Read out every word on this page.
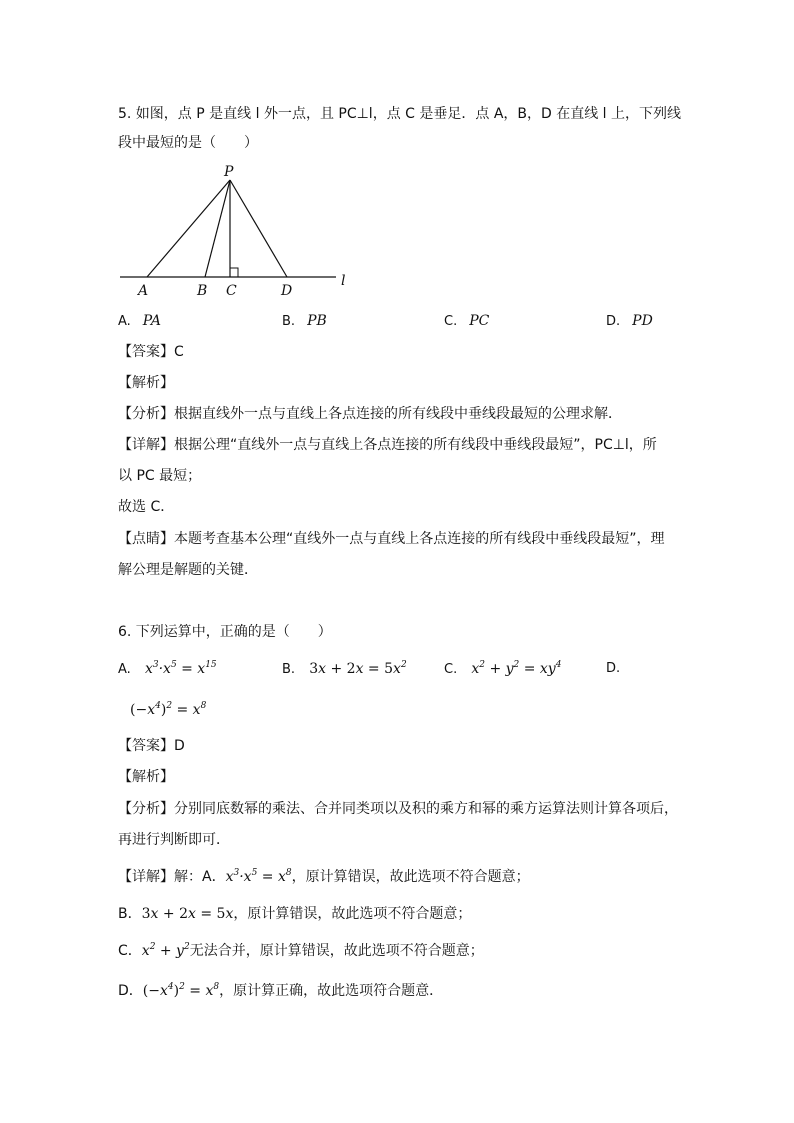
5. 如图，点 P 是直线 l 外一点，且 PC⊥l，点 C 是垂足．点 A，B，D 在直线 l 上，下列线
段中最短的是（　　）
P
A	B C	D
l
A. PA	B. PB	C. PC	D. PD
【答案】C
【解析】
【分析】根据直线外一点与直线上各点连接的所有线段中垂线段最短的公理求解．
【详解】根据公理“直线外一点与直线上各点连接的所有线段中垂线段最短”，PC⊥l，所
以 PC 最短；
故选 C．
【点睛】本题考查基本公理“直线外一点与直线上各点连接的所有线段中垂线段最短”，理
解公理是解题的关键．
6. 下列运算中，正确的是（　　）
A. $x^3\cdot x^5 = x^{15}$	B. $3x + 2x = 5x^2$	C. $x^2 + y^2 = xy^4$	D.
$(-x^4)^2 = x^8$
【答案】D
【解析】
【分析】分别同底数幂的乘法、合并同类项以及积的乘方和幂的乘方运算法则计算各项后，
再进行判断即可．
【详解】解：A．$x^3\cdot x^5 = x^8$，原计算错误，故此选项不符合题意；
B．3x + 2x = 5x，原计算错误，故此选项不符合题意；
C．$x^2 + y^2$无法合并，原计算错误，故此选项不符合题意；
D．$(-x^4)^2 = x^8$，原计算正确，故此选项符合题意．
